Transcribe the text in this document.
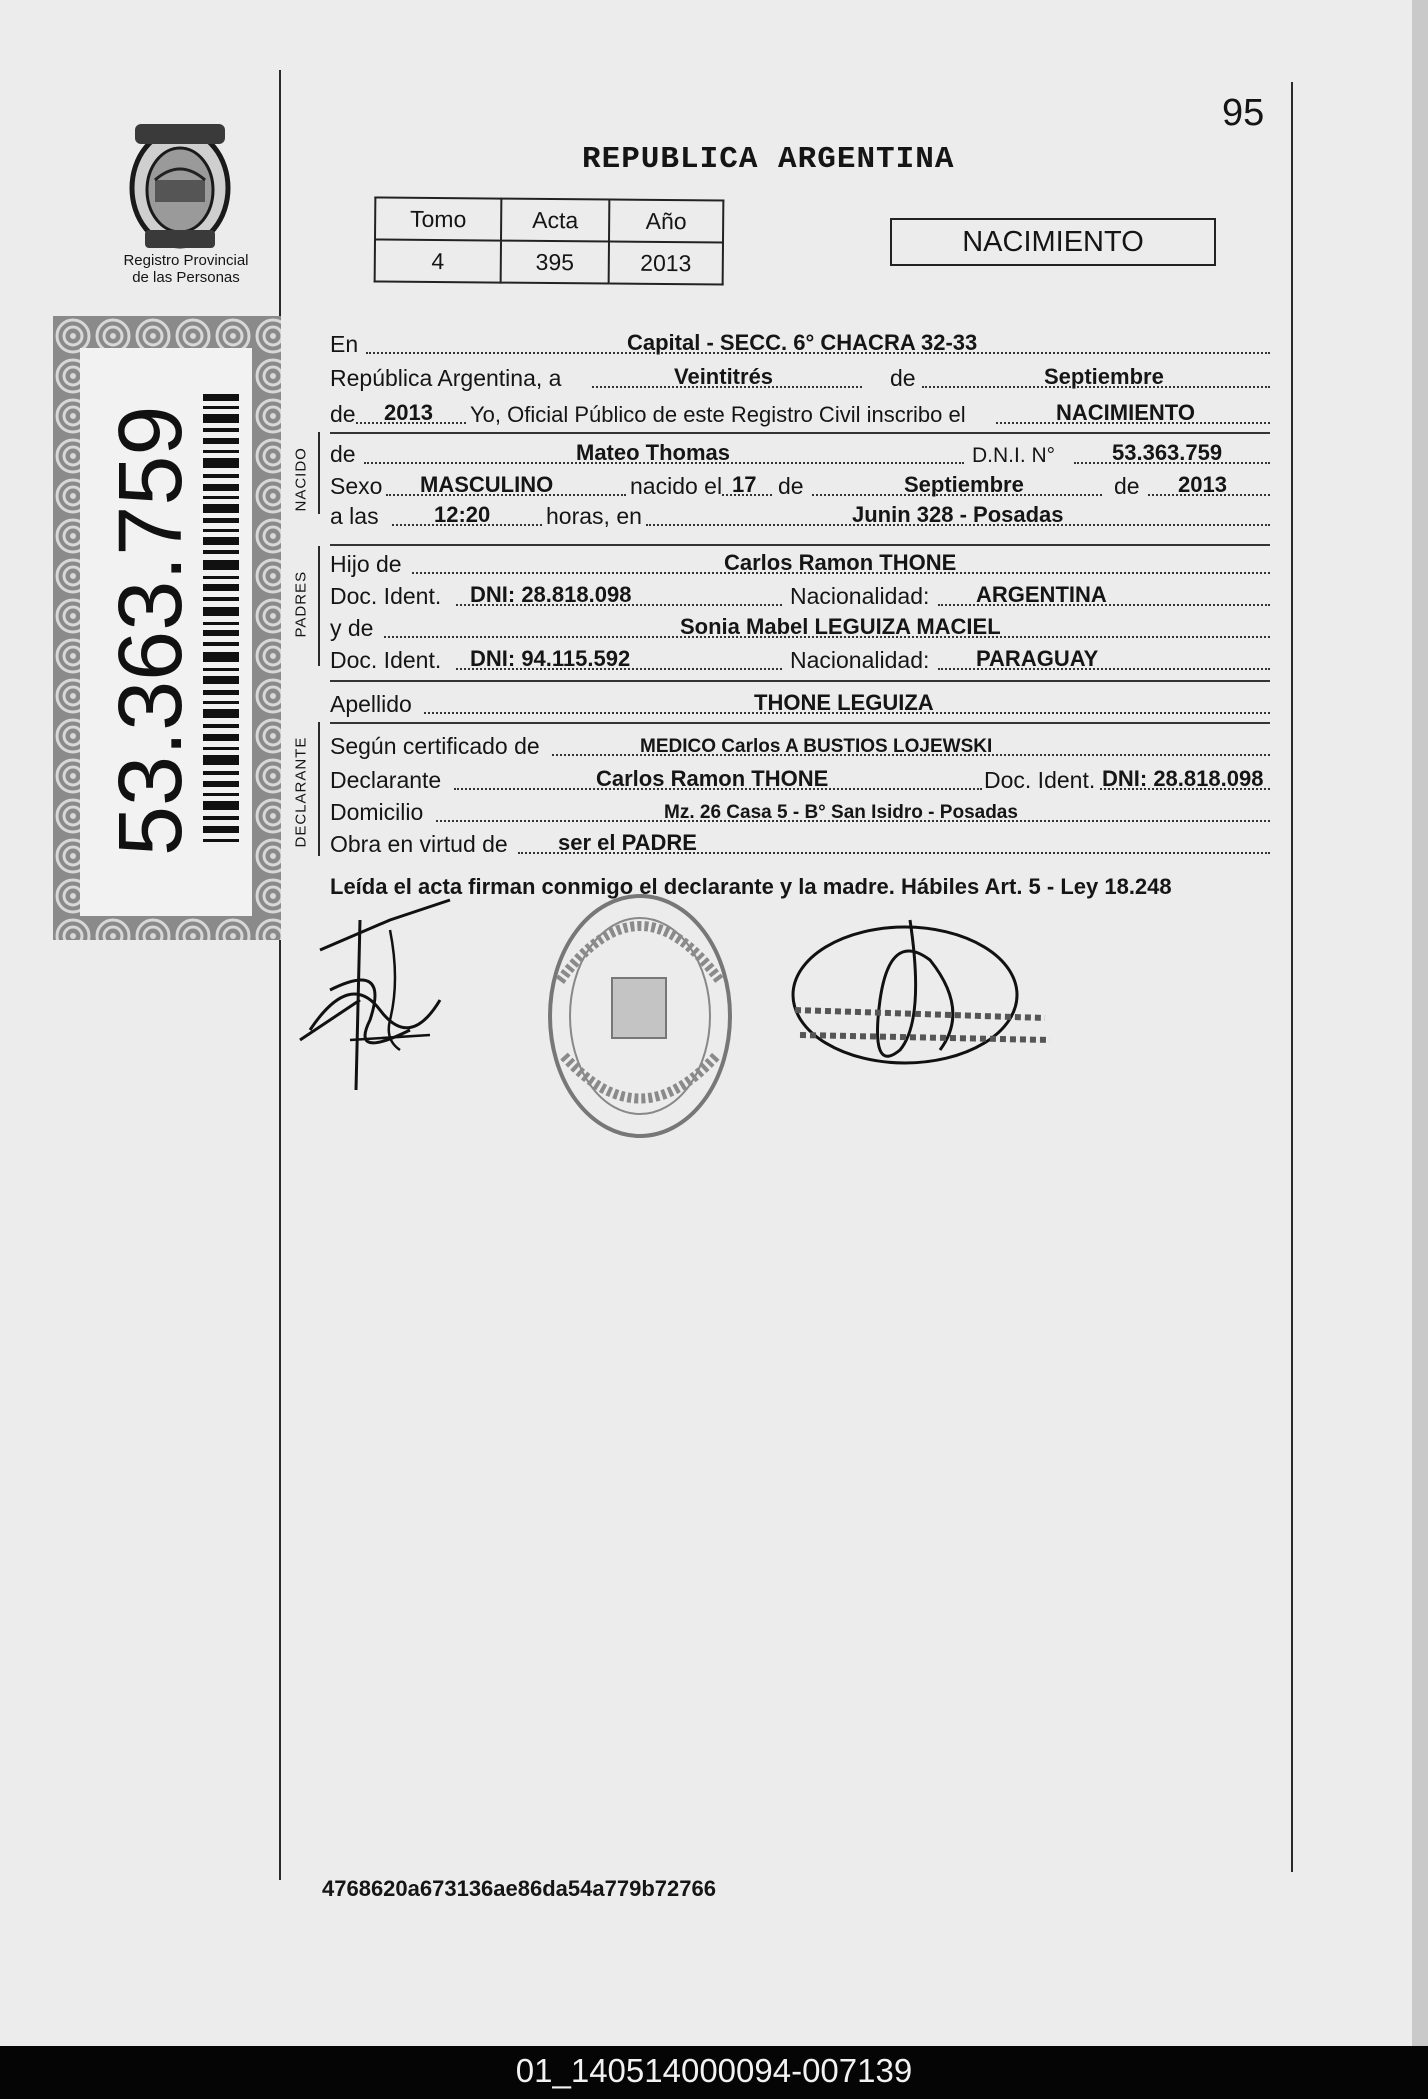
95
REPUBLICA ARGENTINA
Registro Provincial
de las Personas
53.363.759
Tomo	Acta	Año
4	395	2013
NACIMIENTO
NACIDO
PADRES
DECLARANTE
En	Capital - SECC. 6° CHACRA 32-33
República Argentina, a	Veintitrés	de	Septiembre
de 2013 Yo, Oficial Público de este Registro Civil inscribo el	NACIMIENTO
de	Mateo Thomas	D.N.I. N°	53.363.759
Sexo MASCULINO	nacido el 17 de	Septiembre	de 2013
a las	12:20 horas, en	Junin 328 - Posadas
Hijo de	Carlos Ramon THONE
Doc. Ident. DNI: 28.818.098	Nacionalidad: ARGENTINA
y de	Sonia Mabel LEGUIZA MACIEL
Doc. Ident. DNI: 94.115.592	Nacionalidad: PARAGUAY
Apellido	THONE LEGUIZA
Según certificado de	MEDICO Carlos A BUSTIOS LOJEWSKI
Declarante	Carlos Ramon THONE	Doc. Ident. DNI: 28.818.098
Domicilio	Mz. 26 Casa 5 - B° San Isidro - Posadas
Obra en virtud de ser el PADRE
Leída el acta firman conmigo el declarante y la madre. Hábiles Art. 5 - Ley 18.248
4768620a673136ae86da54a779b72766
01_140514000094-007139
